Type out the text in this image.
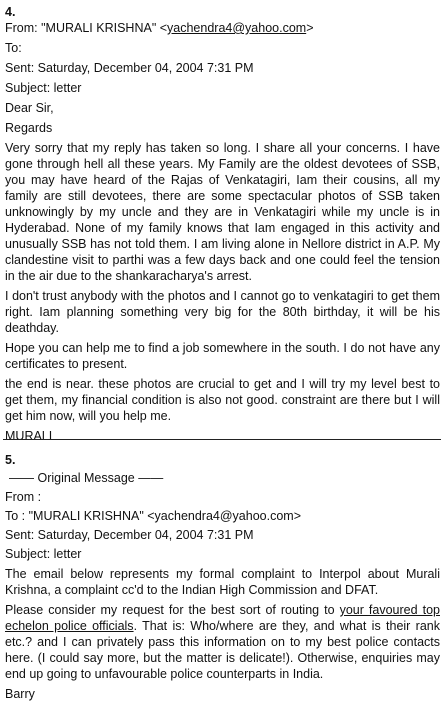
4.
From: "MURALI KRISHNA" <yachendra4@yahoo.com>
To:
Sent: Saturday, December 04, 2004 7:31 PM
Subject: letter
Dear Sir,
Regards

Very sorry that my reply has taken so long. I share all your concerns. I have gone through hell all these years. My Family are the oldest devotees of SSB, you may have heard of the Rajas of Venkatagiri, Iam their cousins, all my family are still devotees, there are some spectacular photos of SSB taken unknowingly by my uncle and they are in Venkatagiri while my uncle is in Hyderabad. None of my family knows that Iam engaged in this activity and unusually SSB has not told them. I am living alone in Nellore district in A.P. My clandestine visit to parthi was a few days back and one could feel the tension in the air due to the shankaracharya's arrest.

I don't trust anybody with the photos and I cannot go to venkatagiri to get them right. Iam planning something very big for the 80th birthday, it will be his deathday.

Hope you can help me to find a job somewhere in the south. I do not have any certificates to present.

the end is near. these photos are crucial to get and I will try my level best to get them, my financial condition is also not good. constraint are there but I will get him now, will you help me.

MURALI
5.
—— Original Message ——
From :
To : "MURALI KRISHNA" <yachendra4@yahoo.com>
Sent: Saturday, December 04, 2004 7:31 PM
Subject: letter

The email below represents my formal complaint to Interpol about Murali Krishna, a complaint cc'd to the Indian High Commission and DFAT.

Please consider my request for the best sort of routing to your favoured top echelon police officials. That is: Who/where are they, and what is their rank etc.? and I can privately pass this information on to my best police contacts here. (I could say more, but the matter is delicate!). Otherwise, enquiries may end up going to unfavourable police counterparts in India.

Barry
